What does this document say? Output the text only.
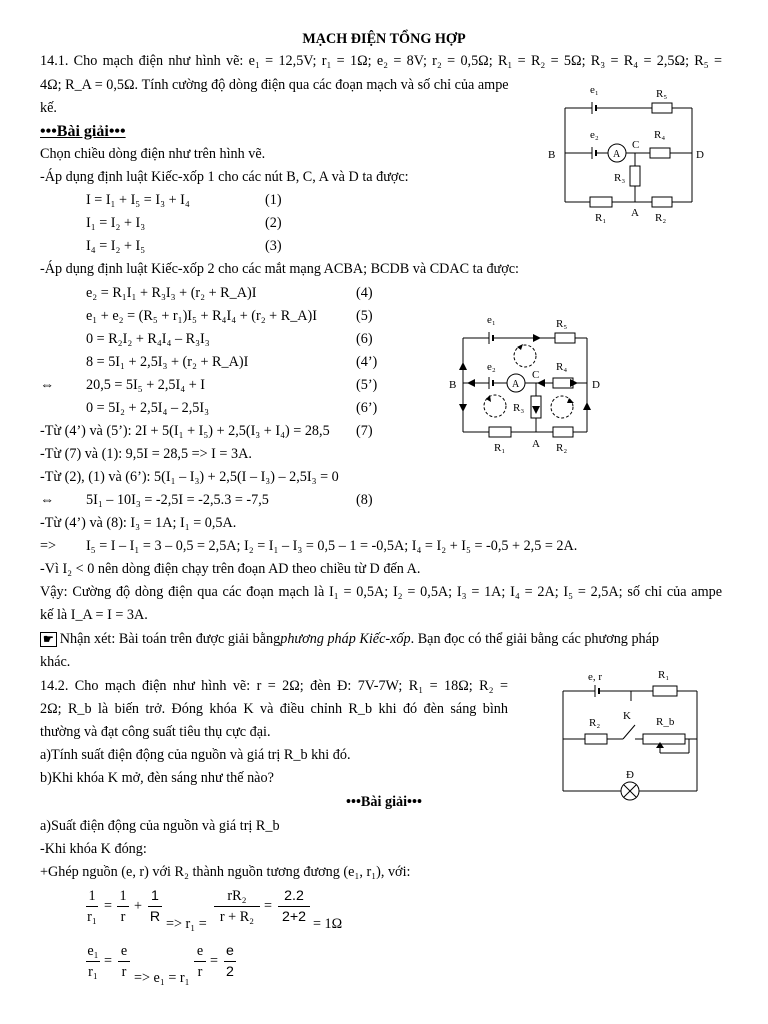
MẠCH ĐIỆN TỔNG HỢP
14.1. Cho mạch điện như hình vẽ: e₁ = 12,5V; r₁ = 1Ω; e₂ = 8V; r₂ = 0,5Ω; R₁ = R₂ = 5Ω; R₃ = R₄ = 2,5Ω; R₅ =
4Ω; R_A = 0,5Ω. Tính cường độ dòng điện qua các đoạn mạch và số chỉ của ampe
kế.
•••Bài giải•••
Chọn chiều dòng điện như trên hình vẽ.
-Áp dụng định luật Kiếc-xốp 1 cho các nút B, C, A và D ta được:
I = I₁ + I₅ = I₃ + I₄	(1)
I₁ = I₂ + I₃	(2)
I₄ = I₂ + I₅	(3)
-Áp dụng định luật Kiếc-xốp 2 cho các mắt mạng ACBA; BCDB và CDAC ta được:
e₂ = R₁I₁ + R₃I₃ + (r₂ + R_A)I	(4)
e₁ + e₂ = (R₅ + r₁)I₅ + R₄I₄ + (r₂ + R_A)I	(5)
0 = R₂I₂ + R₄I₄ – R₃I₃	(6)
8 = 5I₁ + 2,5I₃ + (r₂ + R_A)I	(4’)
⇔ 20,5 = 5I₅ + 2,5I₄ + I	(5’)
0 = 5I₂ + 2,5I₄ – 2,5I₃	(6’)
-Từ (4’) và (5’): 2I + 5(I₁ + I₅) + 2,5(I₃ + I₄) = 28,5 (7)
-Từ (7) và (1): 9,5I = 28,5 => I = 3A.
-Từ (2), (1) và (6’): 5(I₁ – I₃) + 2,5(I – I₃) – 2,5I₃ = 0
⇔ 5I₁ – 10I₃ = -2,5I = -2,5.3 = -7,5	(8)
-Từ (4’) và (8): I₃ = 1A; I₁ = 0,5A.
=> I₅ = I – I₁ = 3 – 0,5 = 2,5A; I₂ = I₁ – I₃ = 0,5 – 1 = -0,5A; I₄ = I₂ + I₅ = -0,5 + 2,5 = 2A.
-Vì I₂ < 0 nên dòng điện chạy trên đoạn AD theo chiều từ D đến A.
Vậy: Cường độ dòng điện qua các đoạn mạch là I₁ = 0,5A; I₂ = 0,5A; I₃ = 1A; I₄ = 2A; I₅ = 2,5A; số chỉ của ampe
kế là I_A = I = 3A.
☛ Nhận xét: Bài toán trên được giải bằng phương pháp Kiếc-xốp . Bạn đọc có thể giải bằng các phương pháp
khác.
14.2. Cho mạch điện như hình vẽ: r = 2Ω; đèn Đ: 7V-7W; R₁ = 18Ω; R₂ =
2Ω; R_b là biến trở. Đóng khóa K và điều chỉnh R_b khi đó đèn sáng bình
thường và đạt công suất tiêu thụ cực đại.
a)Tính suất điện động của nguồn và giá trị R_b khi đó.
b)Khi khóa K mở, đèn sáng như thế nào?
•••Bài giải•••
a)Suất điện động của nguồn và giá trị R_b
-Khi khóa K đóng:
+Ghép nguồn (e, r) với R₂ thành nguồn tương đương (e₁, r₁), với:
1
r₁
=
1
r
+
1
R => r₁ =
rR₂
r + R₂
=
2.2
2+2 = 1Ω
e₁
r₁
=
e
r => e₁ = r₁
e
r
=
e
2
e₁	R₅
e₂
A
C
R₄
B	D
R₃
R₁ A R₂
e₁	R₅
e₂
A
C
R₄
B	D
R₃
R₁ A R₂
e, r	R₁
K
R₂	R_b
Đ
